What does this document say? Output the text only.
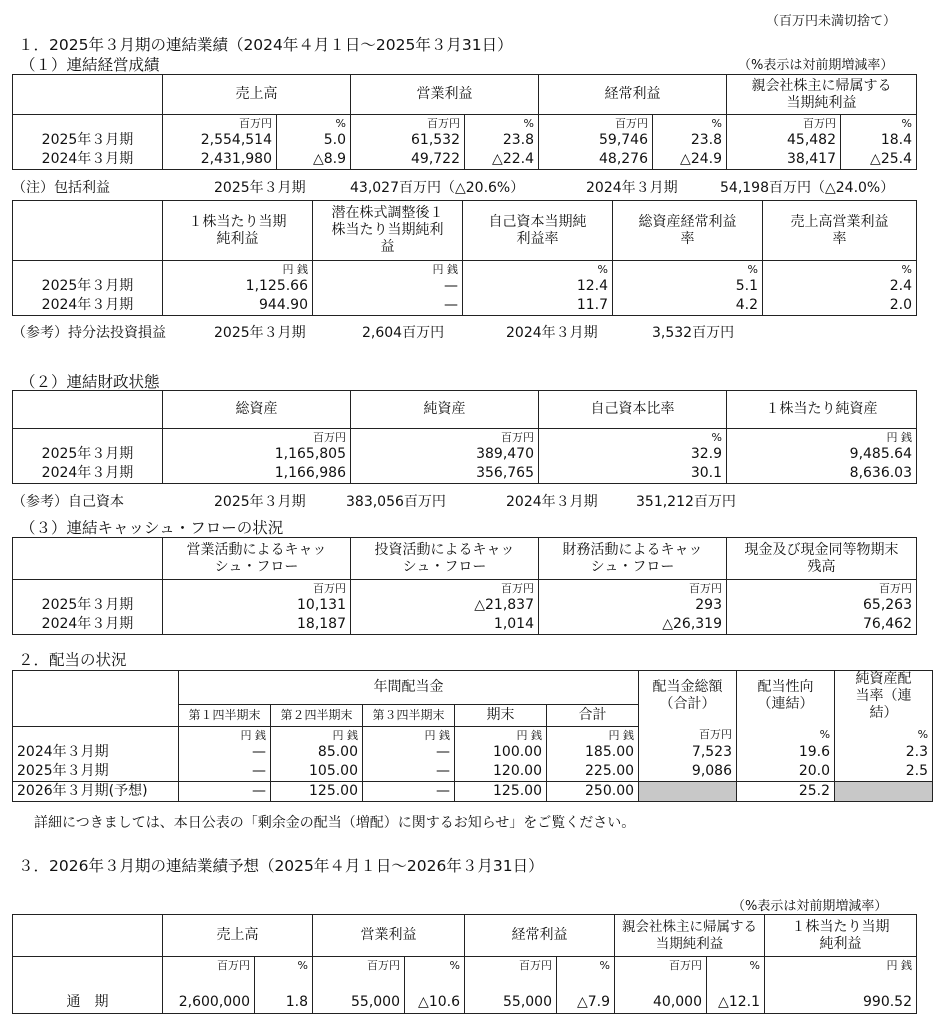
（百万円未満切捨て）
１．2025年３月期の連結業績（2024年４月１日～2025年３月31日）
（１）連結経営成績	（%表示は対前期増減率）
	売上高		営業利益		経常利益		親会社株主に帰属する当期純利益	
	百万円	%	百万円	%	百万円	%	百万円	%
2025年３月期	2,554,514	5.0	61,532	23.8	59,746	23.8	45,482	18.4
2024年３月期	2,431,980	△8.9	49,722	△22.4	48,276	△24.9	38,417	△25.4
（注）包括利益	2025年３月期	43,027百万円（△20.6%）	2024年３月期	54,198百万円（△24.0%）
	１株当たり当期純利益	潜在株式調整後１株当たり当期純利益	自己資本当期純利益率	総資産経常利益率	売上高営業利益率
	円 銭	円 銭	%	%	%
2025年３月期	1,125.66	—	12.4	5.1	2.4
2024年３月期	944.90	—	11.7	4.2	2.0
（参考）持分法投資損益	2025年３月期	2,604百万円	2024年３月期	3,532百万円
（２）連結財政状態
	総資産	純資産	自己資本比率	１株当たり純資産
	百万円	百万円	%	円 銭
2025年３月期	1,165,805	389,470	32.9	9,485.64
2024年３月期	1,166,986	356,765	30.1	8,636.03
（参考）自己資本	2025年３月期	383,056百万円	2024年３月期	351,212百万円
（３）連結キャッシュ・フローの状況
	営業活動によるキャッシュ・フロー	投資活動によるキャッシュ・フロー	財務活動によるキャッシュ・フロー	現金及び現金同等物期末残高
	百万円	百万円	百万円	百万円
2025年３月期	10,131	△21,837	293	65,263
2024年３月期	18,187	1,014	△26,319	76,462
２．配当の状況
	年間配当金					配当金総額（合計）	配当性向（連結）	純資産配当率（連結）
	第１四半期末	第２四半期末	第３四半期末	期末	合計			
	円 銭	円 銭	円 銭	円 銭	円 銭	百万円	%	%
2024年３月期	—	85.00	—	100.00	185.00	7,523	19.6	2.3
2025年３月期	—	105.00	—	120.00	225.00	9,086	20.0	2.5
2026年３月期(予想)	—	125.00	—	125.00	250.00		25.2	
詳細につきましては、本日公表の「剰余金の配当（増配）に関するお知らせ」をご覧ください。
３．2026年３月期の連結業績予想（2025年４月１日～2026年３月31日）
（%表示は対前期増減率）
	売上高		営業利益		経常利益		親会社株主に帰属する当期純利益		１株当たり当期純利益
	百万円	%	百万円	%	百万円	%	百万円	%	円 銭
通　期	2,600,000	1.8	55,000	△10.6	55,000	△7.9	40,000	△12.1	990.52
